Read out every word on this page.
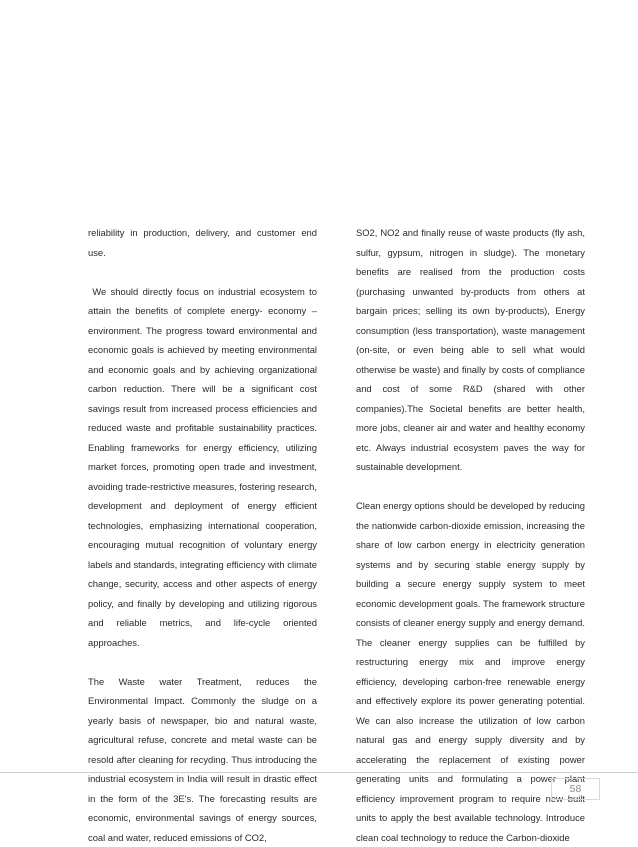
reliability in production, delivery, and customer end use.

We should directly focus on industrial ecosystem to attain the benefits of complete energy- economy – environment. The progress toward environmental and economic goals is achieved by meeting environmental and economic goals and by achieving organizational carbon reduction. There will be a significant cost savings result from increased process efficiencies and reduced waste and profitable sustainability practices. Enabling frameworks for energy efficiency, utilizing market forces, promoting open trade and investment, avoiding trade-restrictive measures, fostering research, development and deployment of energy efficient technologies, emphasizing international cooperation, encouraging mutual recognition of voluntary energy labels and standards, integrating efficiency with climate change, security, access and other aspects of energy policy, and finally by developing and utilizing rigorous and reliable metrics, and life-cycle oriented approaches.

The Waste water Treatment, reduces the Environmental Impact. Commonly the sludge on a yearly basis of newspaper, bio and natural waste, agricultural refuse, concrete and metal waste can be resold after cleaning for recyding. Thus introducing the industrial ecosystem in India will result in drastic effect in the form of the 3E's. The forecasting results are economic, environmental savings of energy sources, coal and water, reduced emissions of CO2,

SO2, NO2 and finally reuse of waste products (fly ash, sulfur, gypsum, nitrogen in sludge). The monetary benefits are realised from the production costs (purchasing unwanted by-products from others at bargain prices; selling its own by-products), Energy consumption (less transportation), waste management (on-site, or even being able to sell what would otherwise be waste) and finally by costs of compliance and cost of some R&D (shared with other companies).The Societal benefits are better health, more jobs, cleaner air and water and healthy economy etc. Always industrial ecosystem paves the way for sustainable development.

Clean energy options should be developed by reducing the nationwide carbon-dioxide emission, increasing the share of low carbon energy in electricity generation systems and by securing stable energy supply by building a secure energy supply system to meet economic development goals. The framework structure consists of cleaner energy supply and energy demand. The cleaner energy supplies can be fulfilled by restructuring energy mix and improve energy efficiency, developing carbon-free renewable energy and effectively explore its power generating potential. We can also increase the utilization of low carbon natural gas and energy supply diversity and by accelerating the replacement of existing power generating units and formulating a power plant efficiency improvement program to require new built units to apply the best available technology. Introduce clean coal technology to reduce the Carbon-dioxide

58
